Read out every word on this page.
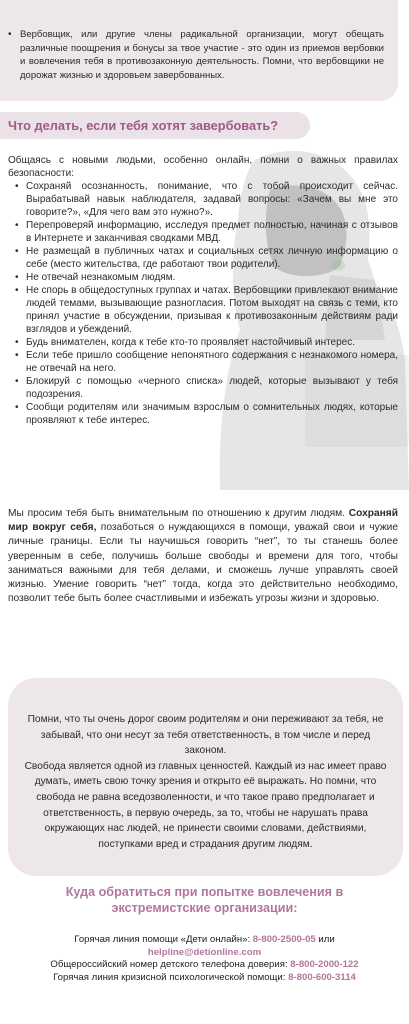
• Вербовщик, или другие члены радикальной организации, могут обещать различные поощрения и бонусы за твое участие - это один из приемов вербовки и вовлечения тебя в противозаконную деятельность. Помни, что вербовщики не дорожат жизнью и здоровьем завербованных.
Что делать, если тебя хотят завербовать?

Общаясь с новыми людьми, особенно онлайн, помни о важных правилах безопасности:

• Сохраняй осознанность, понимание, что с тобой происходит сейчас. Вырабатывай навык наблюдателя, задавай вопросы: «Зачем вы мне это говорите?», «Для чего вам это нужно?».
• Перепроверяй информацию, исследуя предмет полностью, начиная с отзывов в Интернете и заканчивая сводками МВД.
• Не размещай в публичных чатах и социальных сетях личную информацию о себе (место жительства, где работают твои родители).
• Не отвечай незнакомым людям.
• Не спорь в общедоступных группах и чатах. Вербовщики привлекают внимание людей темами, вызывающие разногласия. Потом выходят на связь с теми, кто принял участие в обсуждении, призывая к противозаконным действиям ради взглядов и убеждений.
• Будь внимателен, когда к тебе кто-то проявляет настойчивый интерес.
• Если тебе пришло сообщение непонятного содержания с незнакомого номера, не отвечай на него.
• Блокируй с помощью «черного списка» людей, которые вызывают у тебя подозрения.
• Сообщи родителям или значимым взрослым о сомнительных людях, которые проявляют к тебе интерес.

Мы просим тебя быть внимательным по отношению к другим людям. Сохраняй мир вокруг себя, позаботься о нуждающихся в помощи, уважай свои и чужие личные границы. Если ты научишься говорить “нет”, то ты станешь более уверенным в себе, получишь больше свободы и времени для того, чтобы заниматься важными для тебя делами, и сможешь лучше управлять своей жизнью. Умение говорить “нет” тогда, когда это действительно необходимо, позволит тебе быть более счастливыми и избежать угрозы жизни и здоровью.

Помни, что ты очень дорог своим родителям и они переживают за тебя, не забывай, что они несут за тебя ответственность, в том числе и перед законом.

Свобода является одной из главных ценностей. Каждый из нас имеет право думать, иметь свою точку зрения и открыто её выражать. Но помни, что свобода не равна вседозволенности, и что такое право предполагает и ответственность, в первую очередь, за то, чтобы не нарушать права окружающих нас людей, не принести своими словами, действиями, поступками вред и страдания другим людям.

Куда обратиться при попытке вовлечения в экстремистские организации:
Горячая линия помощи «Дети онлайн»: 8-800-2500-05 или
helpline@detionline.com
Общероссийский номер детского телефона доверия: 8-800-2000-122
Горячая линия кризисной психологической помощи: 8-800-600-3114
